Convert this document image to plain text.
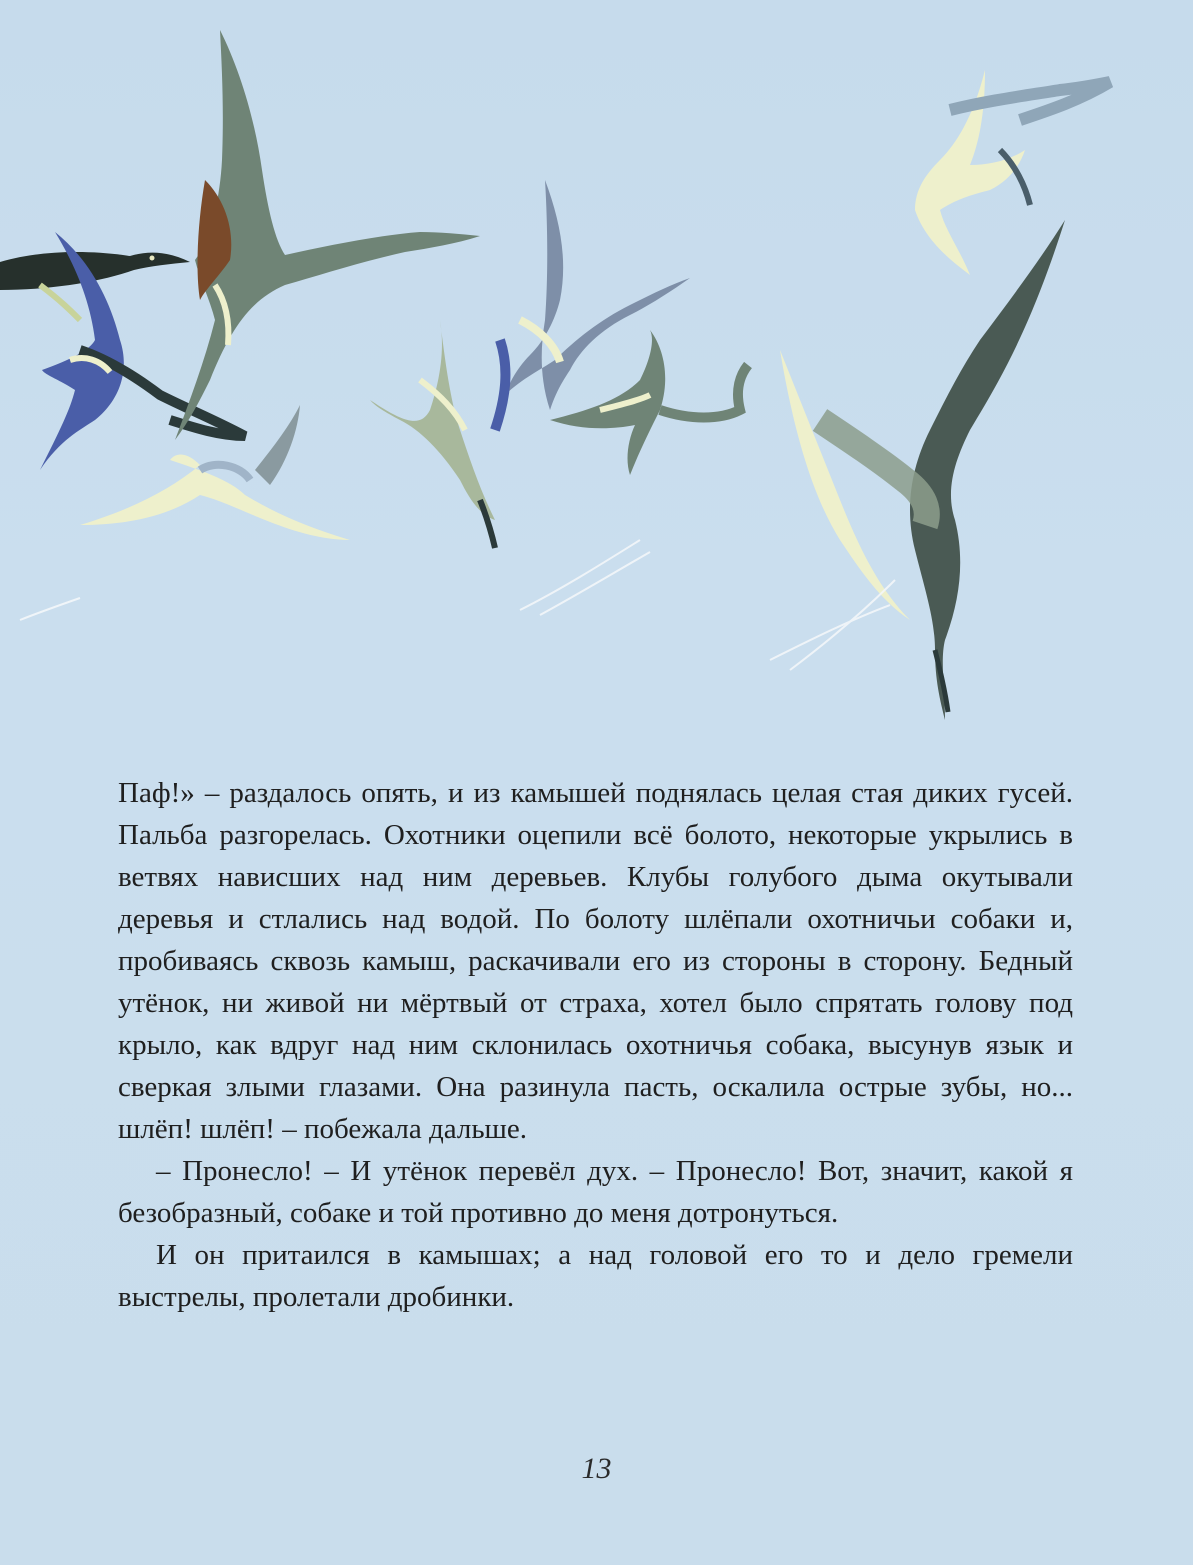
Паф!» – раздалось опять, и из камышей поднялась целая стая диких гусей. Пальба разгорелась. Охотники оцепили всё болото, некоторые укрылись в ветвях нависших над ним деревьев. Клубы голубого дыма окутывали деревья и стлались над водой. По болоту шлёпали охотничьи собаки и, пробиваясь сквозь камыш, раскачивали его из стороны в сторону. Бедный утёнок, ни живой ни мёртвый от страха, хотел было спрятать голову под крыло, как вдруг над ним склонилась охотничья собака, высунув язык и сверкая злыми глазами. Она разинула пасть, оскалила острые зубы, но... шлёп! шлёп! – побежала дальше.

– Пронесло! – И утёнок перевёл дух. – Пронесло! Вот, значит, какой я безобразный, собаке и той противно до меня дотронуться.

И он притаился в камышах; а над головой его то и дело гремели выстрелы, пролетали дробинки.

13
